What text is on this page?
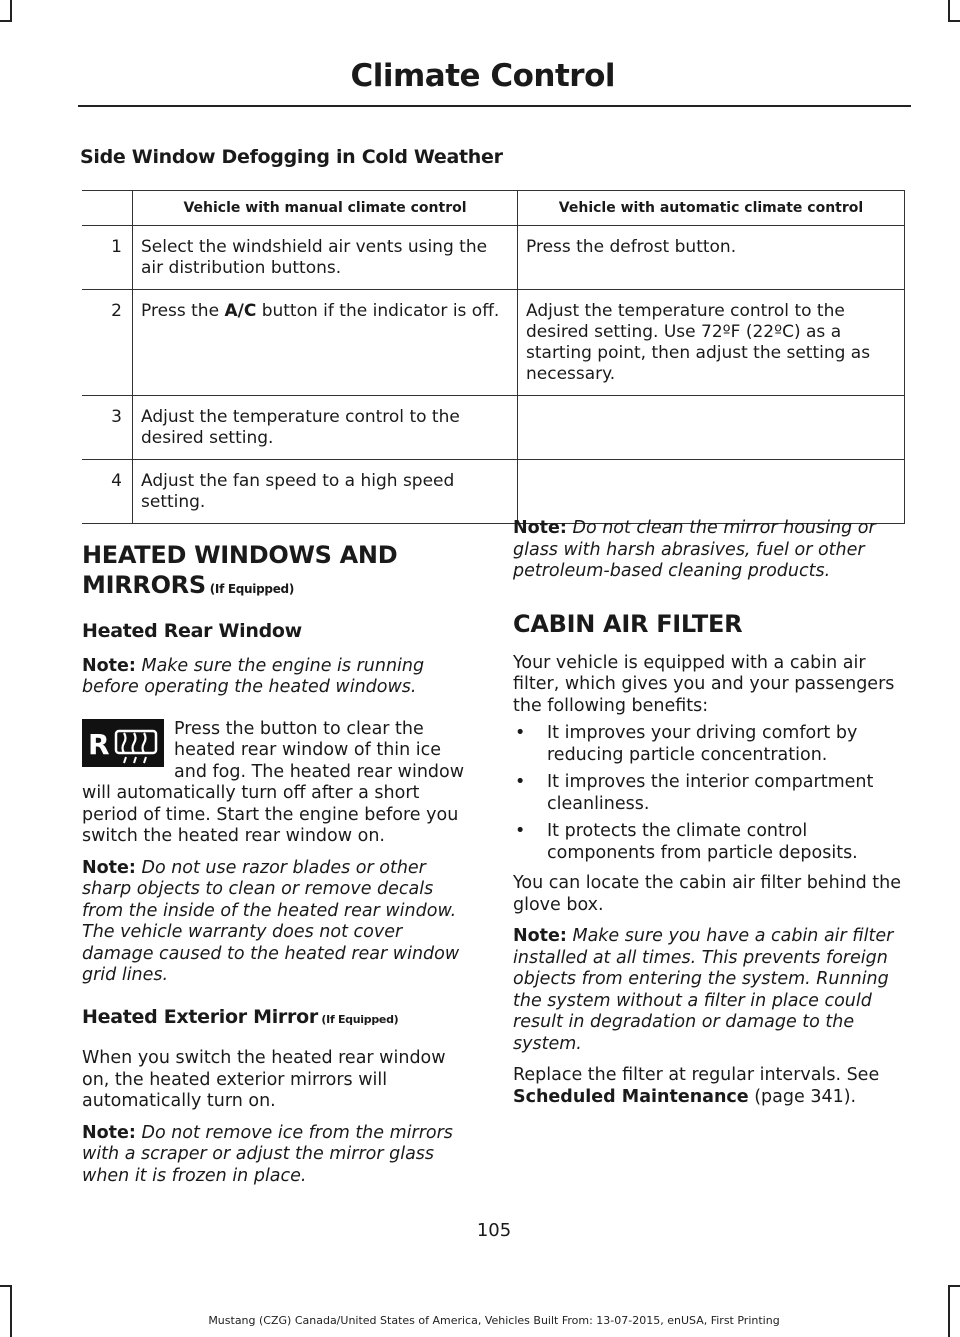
Climate Control
Side Window Defogging in Cold Weather
	Vehicle with manual climate control	Vehicle with automatic climate control
1	Select the windshield air vents using the air distribution buttons.	Press the defrost button.
2	Press the A/C button if the indicator is off.	Adjust the temperature control to the desired setting. Use 72ºF (22ºC) as a starting point, then adjust the setting as necessary.
3	Adjust the temperature control to the desired setting.	
4	Adjust the fan speed to a high speed setting.	
HEATED WINDOWS AND
MIRRORS (If Equipped)
Heated Rear Window

Note: Make sure the engine is running before operating the heated windows.

R	Press the button to clear the heated rear window of thin ice and fog. The heated rear window will automatically turn off after a short period of time. Start the engine before you switch the heated rear window on.

Note: Do not use razor blades or other sharp objects to clean or remove decals from the inside of the heated rear window. The vehicle warranty does not cover damage caused to the heated rear window grid lines.

Heated Exterior Mirror (If Equipped)

When you switch the heated rear window on, the heated exterior mirrors will automatically turn on.

Note: Do not remove ice from the mirrors with a scraper or adjust the mirror glass when it is frozen in place.

Note: Do not clean the mirror housing or glass with harsh abrasives, fuel or other petroleum-based cleaning products.

CABIN AIR FILTER

Your vehicle is equipped with a cabin air filter, which gives you and your passengers the following benefits:

• It improves your driving comfort by reducing particle concentration.
• It improves the interior compartment cleanliness.
• It protects the climate control components from particle deposits.

You can locate the cabin air filter behind the glove box.

Note: Make sure you have a cabin air filter installed at all times. This prevents foreign objects from entering the system. Running the system without a filter in place could result in degradation or damage to the system.

Replace the filter at regular intervals. See Scheduled Maintenance (page 341).

105
Mustang (CZG) Canada/United States of America, Vehicles Built From: 13-07-2015, enUSA, First Printing
